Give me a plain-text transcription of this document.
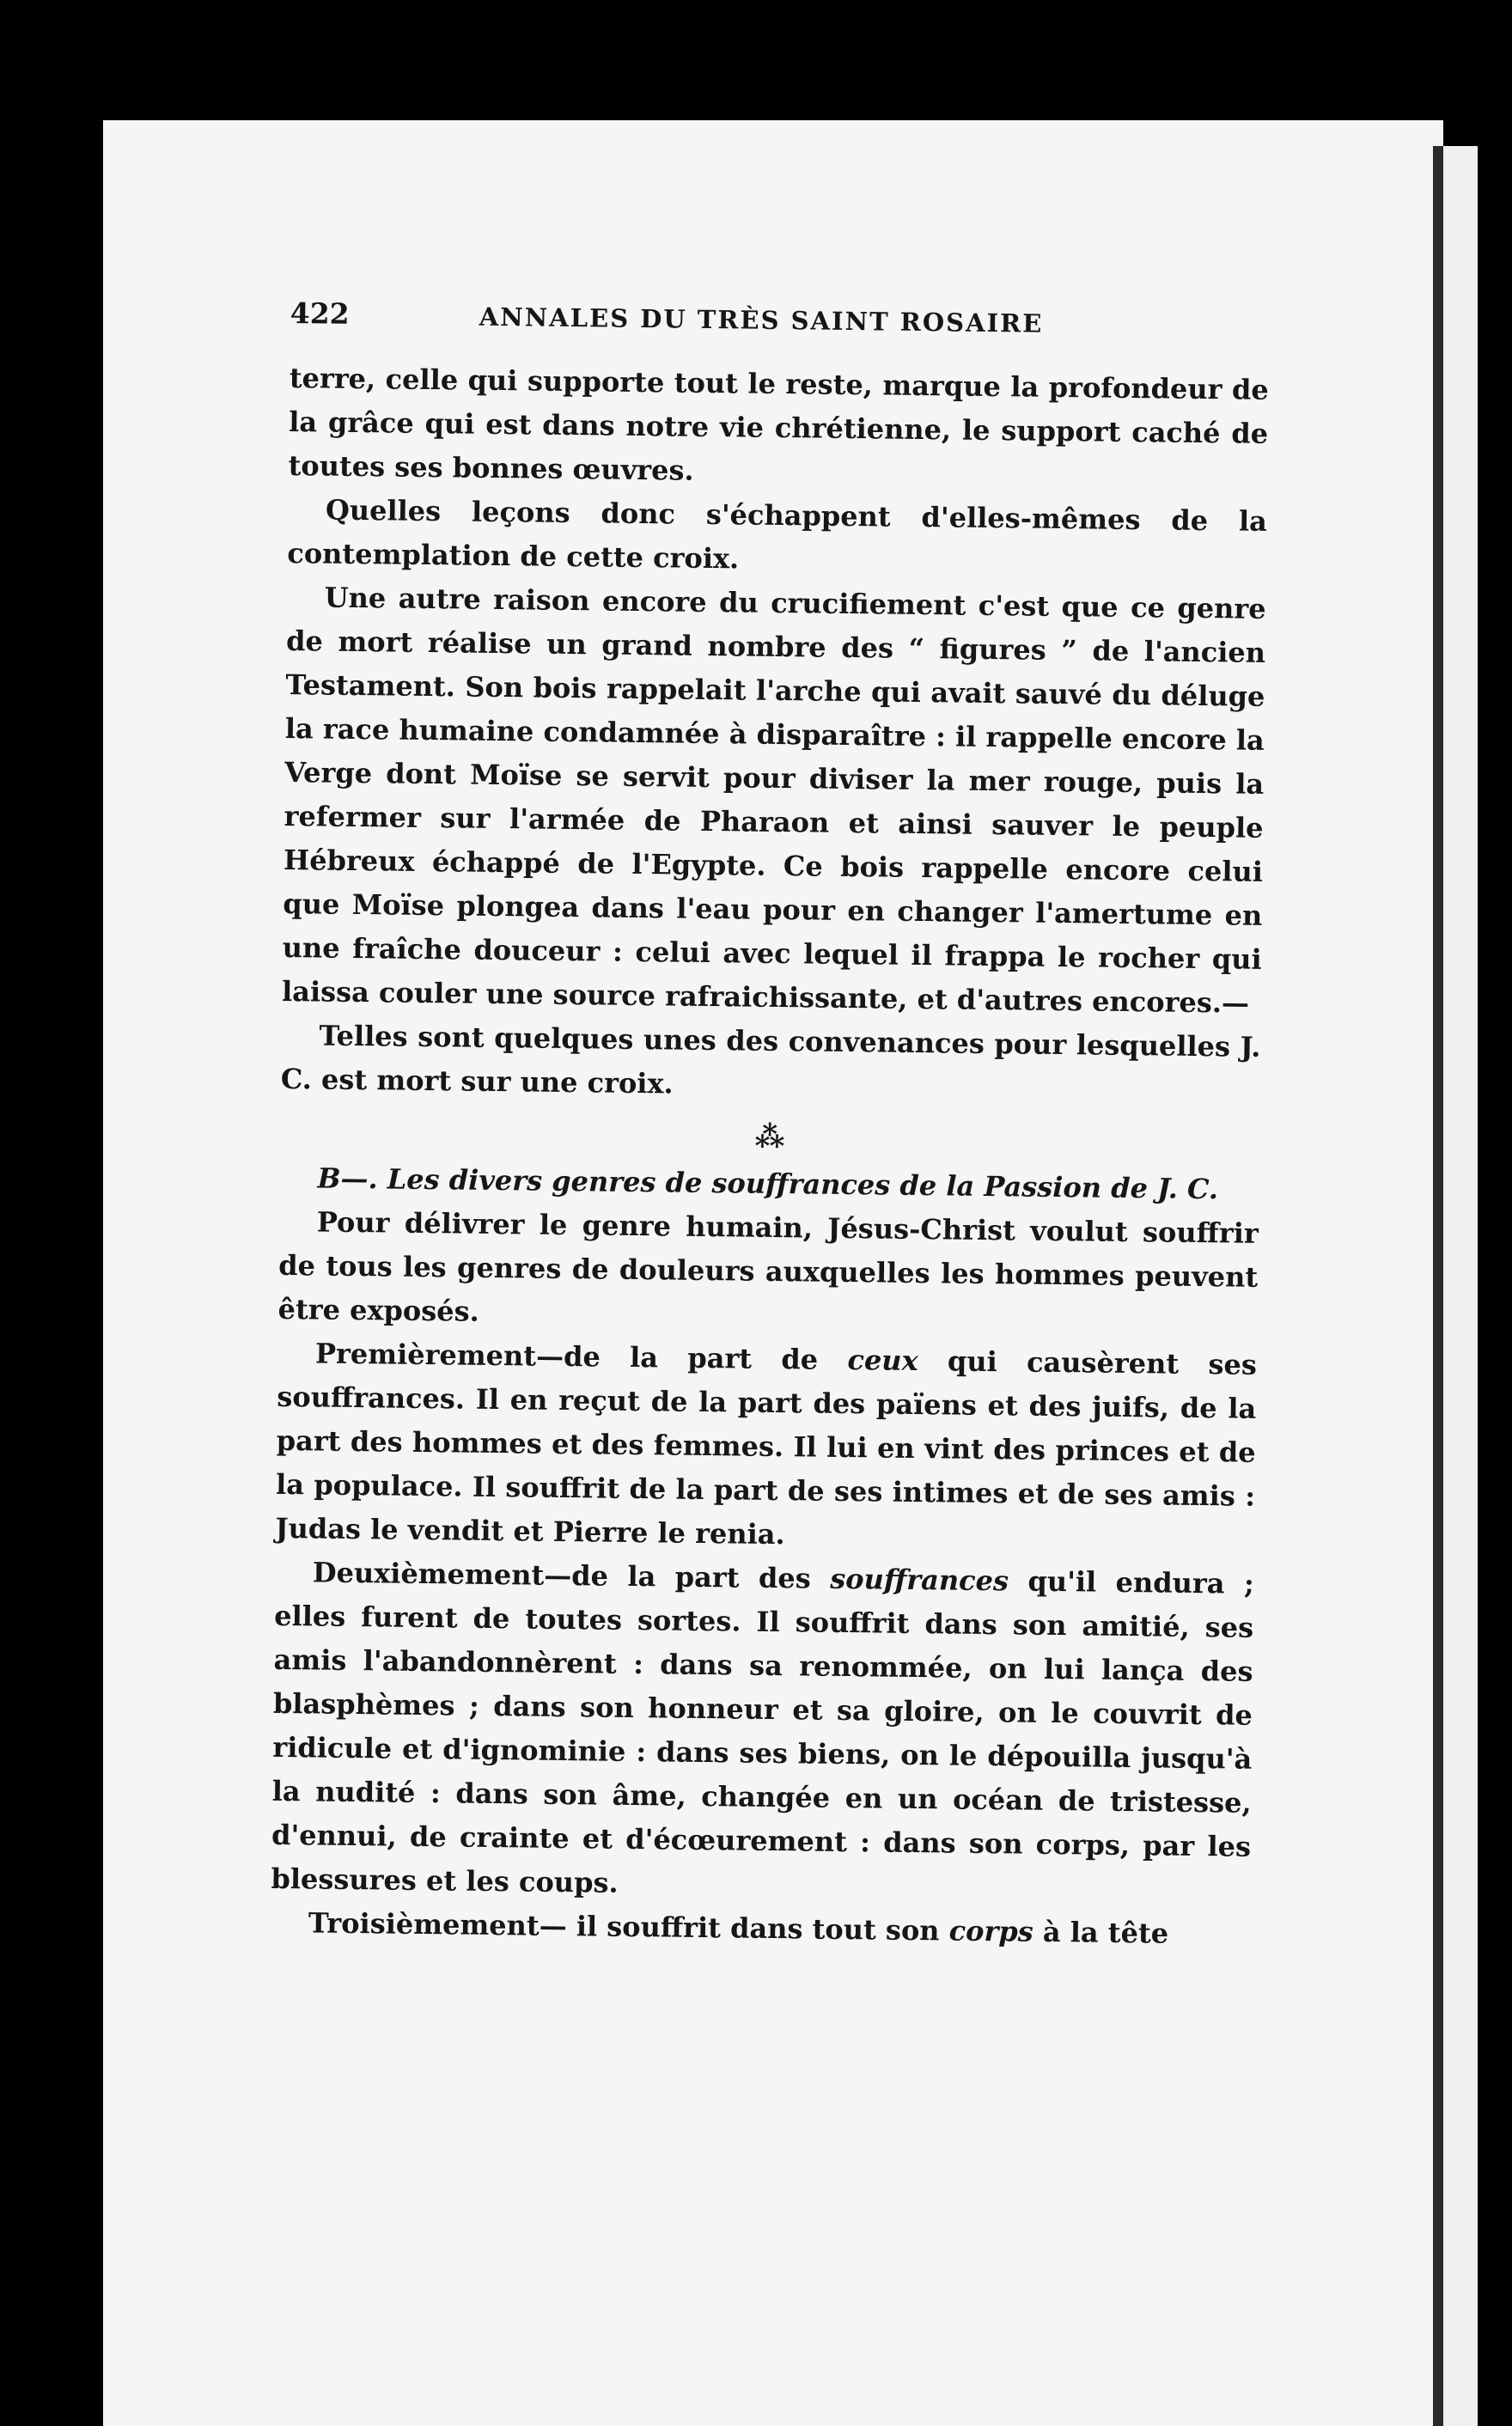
422	ANNALES DU TRÈS SAINT ROSAIRE

terre, celle qui supporte tout le reste, marque la profondeur de la grâce qui est dans notre vie chrétienne, le support caché de toutes ses bonnes œuvres.

Quelles leçons donc s'échappent d'elles-mêmes de la contemplation de cette croix.

Une autre raison encore du crucifiement c'est que ce genre de mort réalise un grand nombre des “ figures ” de l'ancien Testament. Son bois rappelait l'arche qui avait sauvé du déluge la race humaine condamnée à disparaître : il rappelle encore la Verge dont Moïse se servit pour diviser la mer rouge, puis la refermer sur l'armée de Pharaon et ainsi sauver le peuple Hébreux échappé de l'Egypte. Ce bois rappelle encore celui que Moïse plongea dans l'eau pour en changer l'amertume en une fraîche douceur : celui avec lequel il frappa le rocher qui laissa couler une source rafraichissante, et d'autres encores.—

Telles sont quelques unes des convenances pour lesquelles J. C. est mort sur une croix.

⁂

B—. Les divers genres de souffrances de la Passion de J. C.

Pour délivrer le genre humain, Jésus-Christ voulut souffrir de tous les genres de douleurs auxquelles les hommes peuvent être exposés.

Premièrement—de la part de ceux qui causèrent ses souffrances. Il en reçut de la part des païens et des juifs, de la part des hommes et des femmes. Il lui en vint des princes et de la populace. Il souffrit de la part de ses intimes et de ses amis : Judas le vendit et Pierre le renia.

Deuxièmement—de la part des souffrances qu'il endura ; elles furent de toutes sortes. Il souffrit dans son amitié, ses amis l'abandonnèrent : dans sa renommée, on lui lança des blasphèmes ; dans son honneur et sa gloire, on le couvrit de ridicule et d'ignominie : dans ses biens, on le dépouilla jusqu'à la nudité : dans son âme, changée en un océan de tristesse, d'ennui, de crainte et d'écœurement : dans son corps, par les blessures et les coups.

Troisièmement— il souffrit dans tout son corps à la tête
